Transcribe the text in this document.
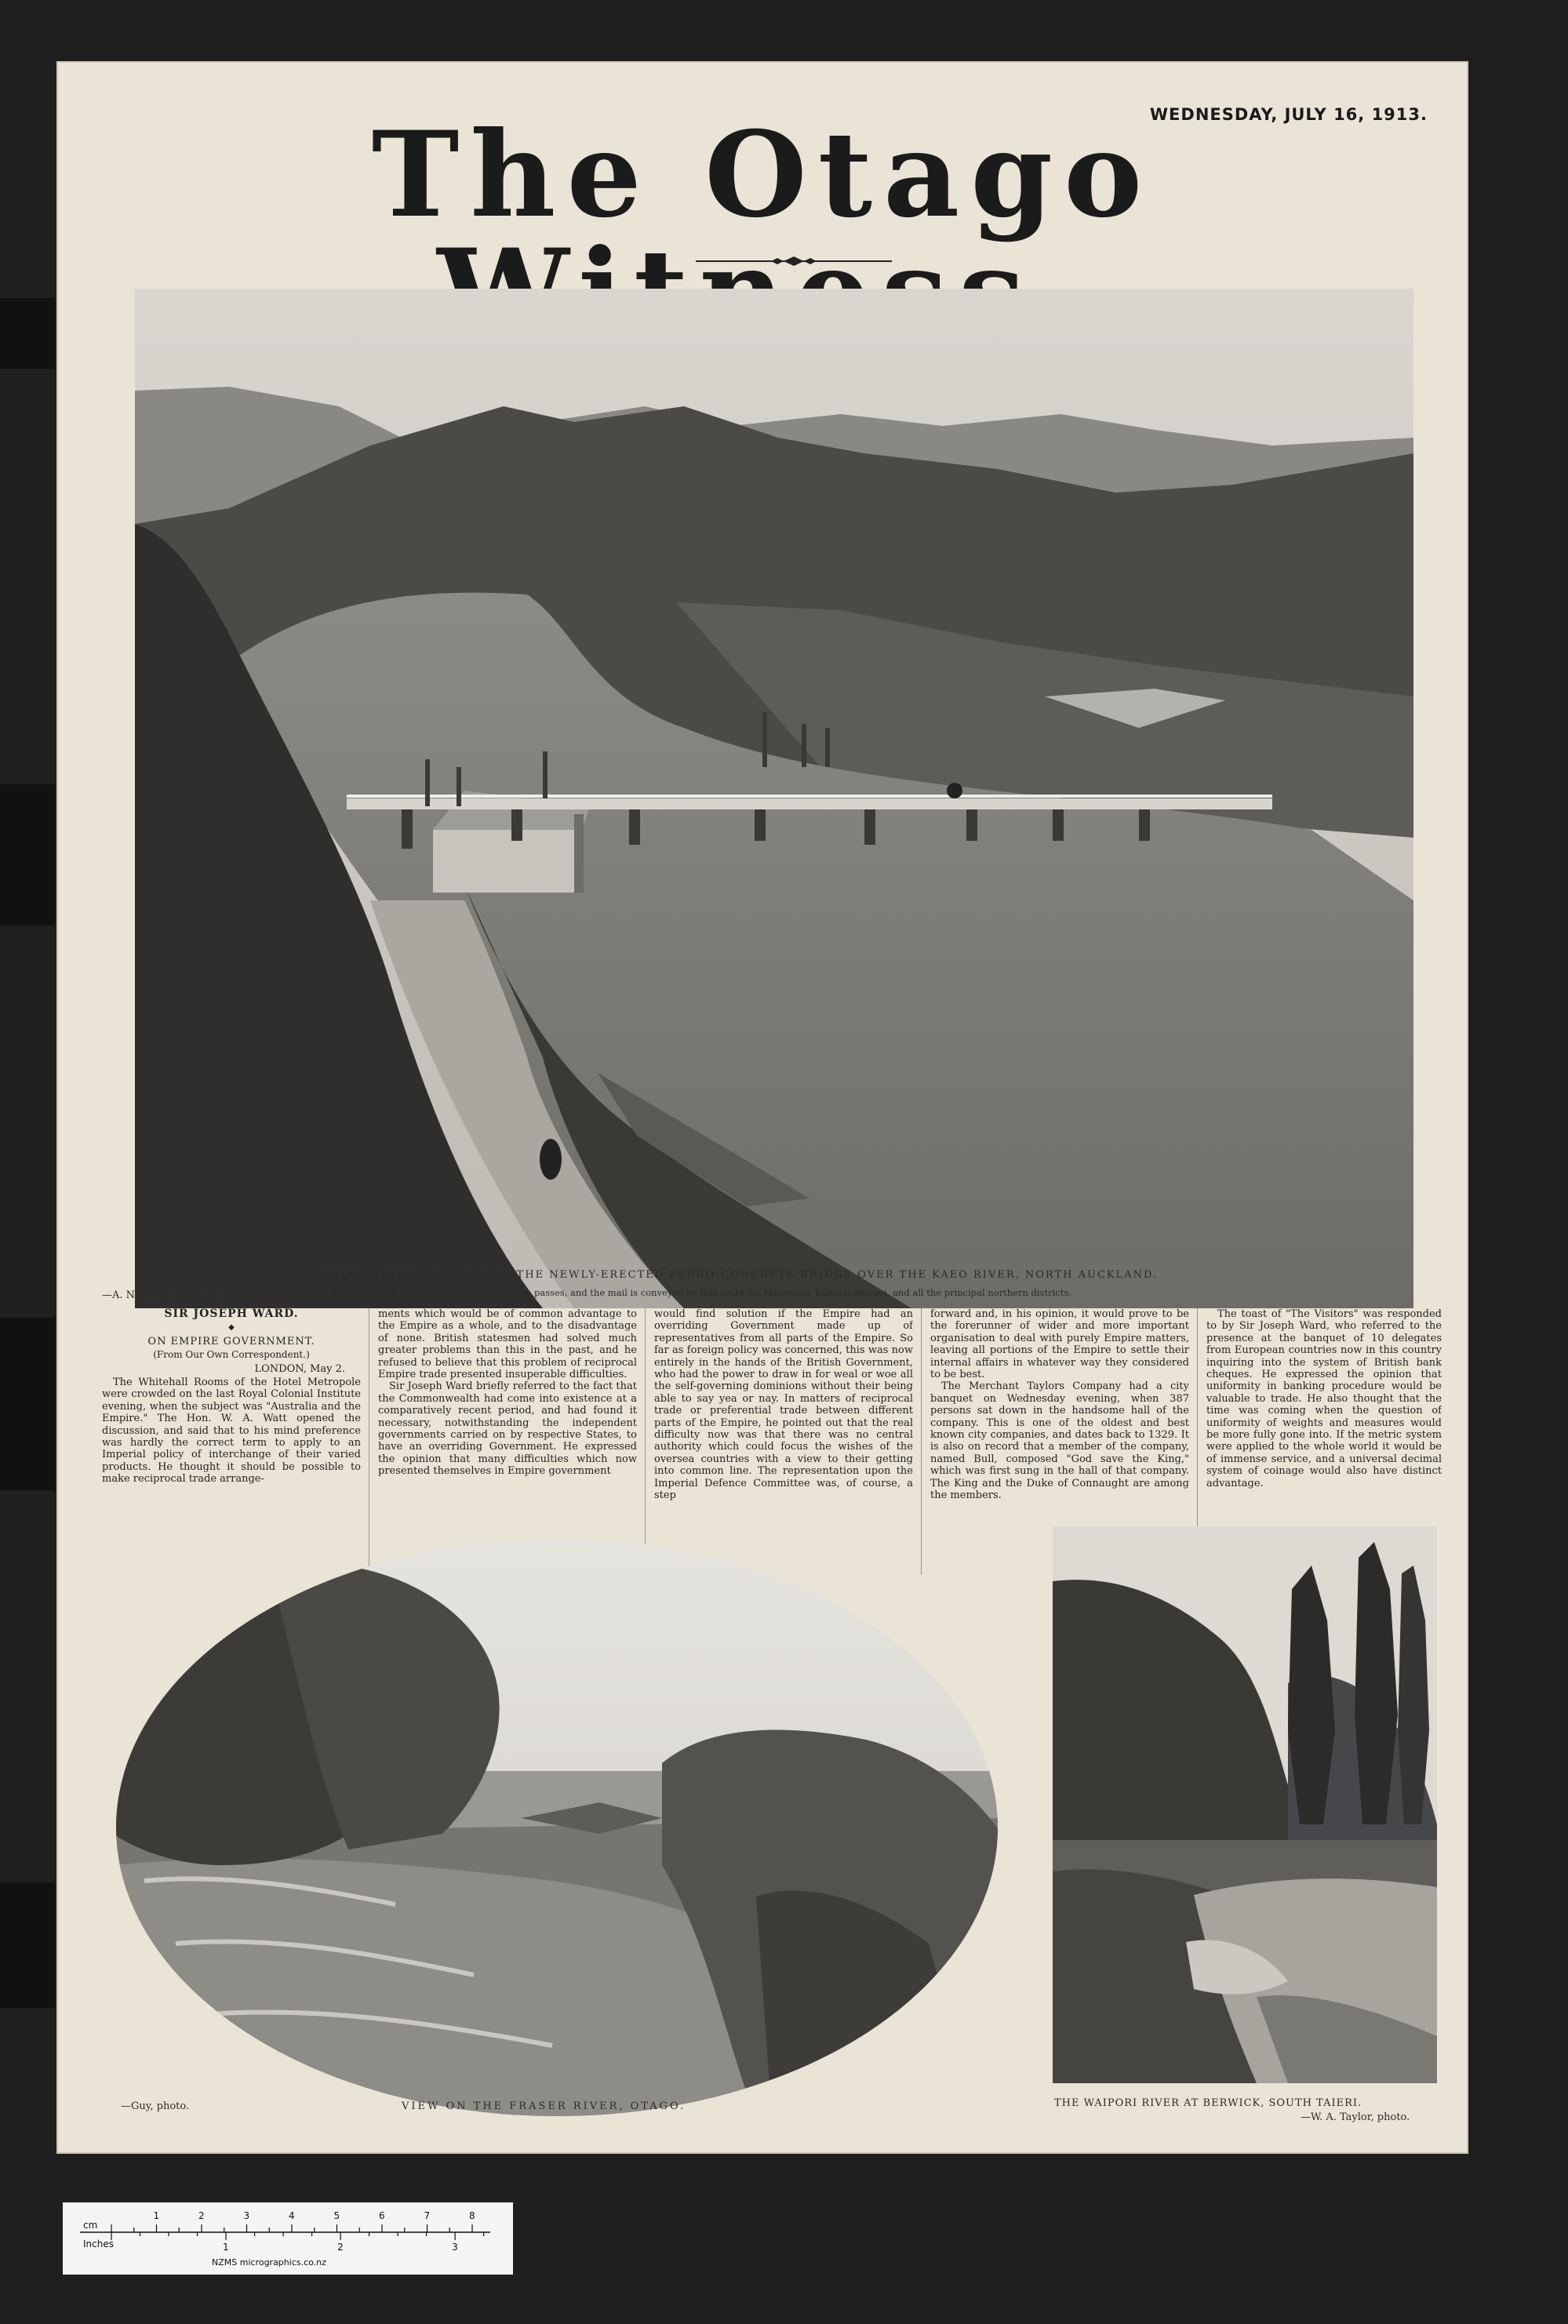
WEDNESDAY, JULY 16, 1913.
The Otago
—A. Northwood, photo.
LINKING UP THE FAR NORTH: THE NEWLY-ERECTED FERRO-CONCRETE BRIDGE OVER THE KAEO RIVER, NORTH AUCKLAND.
Over this bridge all the main traffic for the north passes, and the mail is conveyed by this route for Mangonui, Kaitaia, Awanui, and all the principal northern districts.
SIR JOSEPH WARD.
◆
ON EMPIRE GOVERNMENT.
(From Our Own Correspondent.)
LONDON, May 2.

The Whitehall Rooms of the Hotel Metropole were crowded on the last Royal Colonial Institute evening, when the subject was "Australia and the Empire." The Hon. W. A. Watt opened the discussion, and said that to his mind preference was hardly the correct term to apply to an Imperial policy of interchange of their varied products. He thought it should be possible to make reciprocal trade arrange-

ments which would be of common advantage to the Empire as a whole, and to the disadvantage of none. British statesmen had solved much greater problems than this in the past, and he refused to believe that this problem of reciprocal Empire trade presented insuperable difficulties.

Sir Joseph Ward briefly referred to the fact that the Commonwealth had come into existence at a comparatively recent period, and had found it necessary, notwithstanding the independent governments carried on by respective States, to have an overriding Government. He expressed the opinion that many difficulties which now presented themselves in Empire government

would find solution if the Empire had an overriding Government made up of representatives from all parts of the Empire. So far as foreign policy was concerned, this was now entirely in the hands of the British Government, who had the power to draw in for weal or woe all the self-governing dominions without their being able to say yea or nay. In matters of reciprocal trade or preferential trade between different parts of the Empire, he pointed out that the real difficulty now was that there was no central authority which could focus the wishes of the oversea countries with a view to their getting into common line. The representation upon the Imperial Defence Committee was, of course, a step

forward and, in his opinion, it would prove to be the forerunner of wider and more important organisation to deal with purely Empire matters, leaving all portions of the Empire to settle their internal affairs in whatever way they considered to be best.

The Merchant Taylors Company had a city banquet on Wednesday evening, when 387 persons sat down in the handsome hall of the company. This is one of the oldest and best known city companies, and dates back to 1329. It is also on record that a member of the company, named Bull, composed "God save the King," which was first sung in the hall of that company. The King and the Duke of Connaught are among the members.

The toast of "The Visitors" was responded to by Sir Joseph Ward, who referred to the presence at the banquet of 10 delegates from European countries now in this country inquiring into the system of British bank cheques. He expressed the opinion that uniformity in banking procedure would be valuable to trade. He also thought that the time was coming when the question of uniformity of weights and measures would be more fully gone into. If the metric system were applied to the whole world it would be of immense service, and a universal decimal system of coinage would also have distinct advantage.

—Guy, photo.	VIEW ON THE FRASER RIVER, OTAGO.	THE WAIPORI RIVER AT BERWICK, SOUTH TAIERI.
—W. A. Taylor, photo.
cm
Inches
NZMS micrographics.co.nz
1	2	3	4	5	6	7	8
1	2	3
